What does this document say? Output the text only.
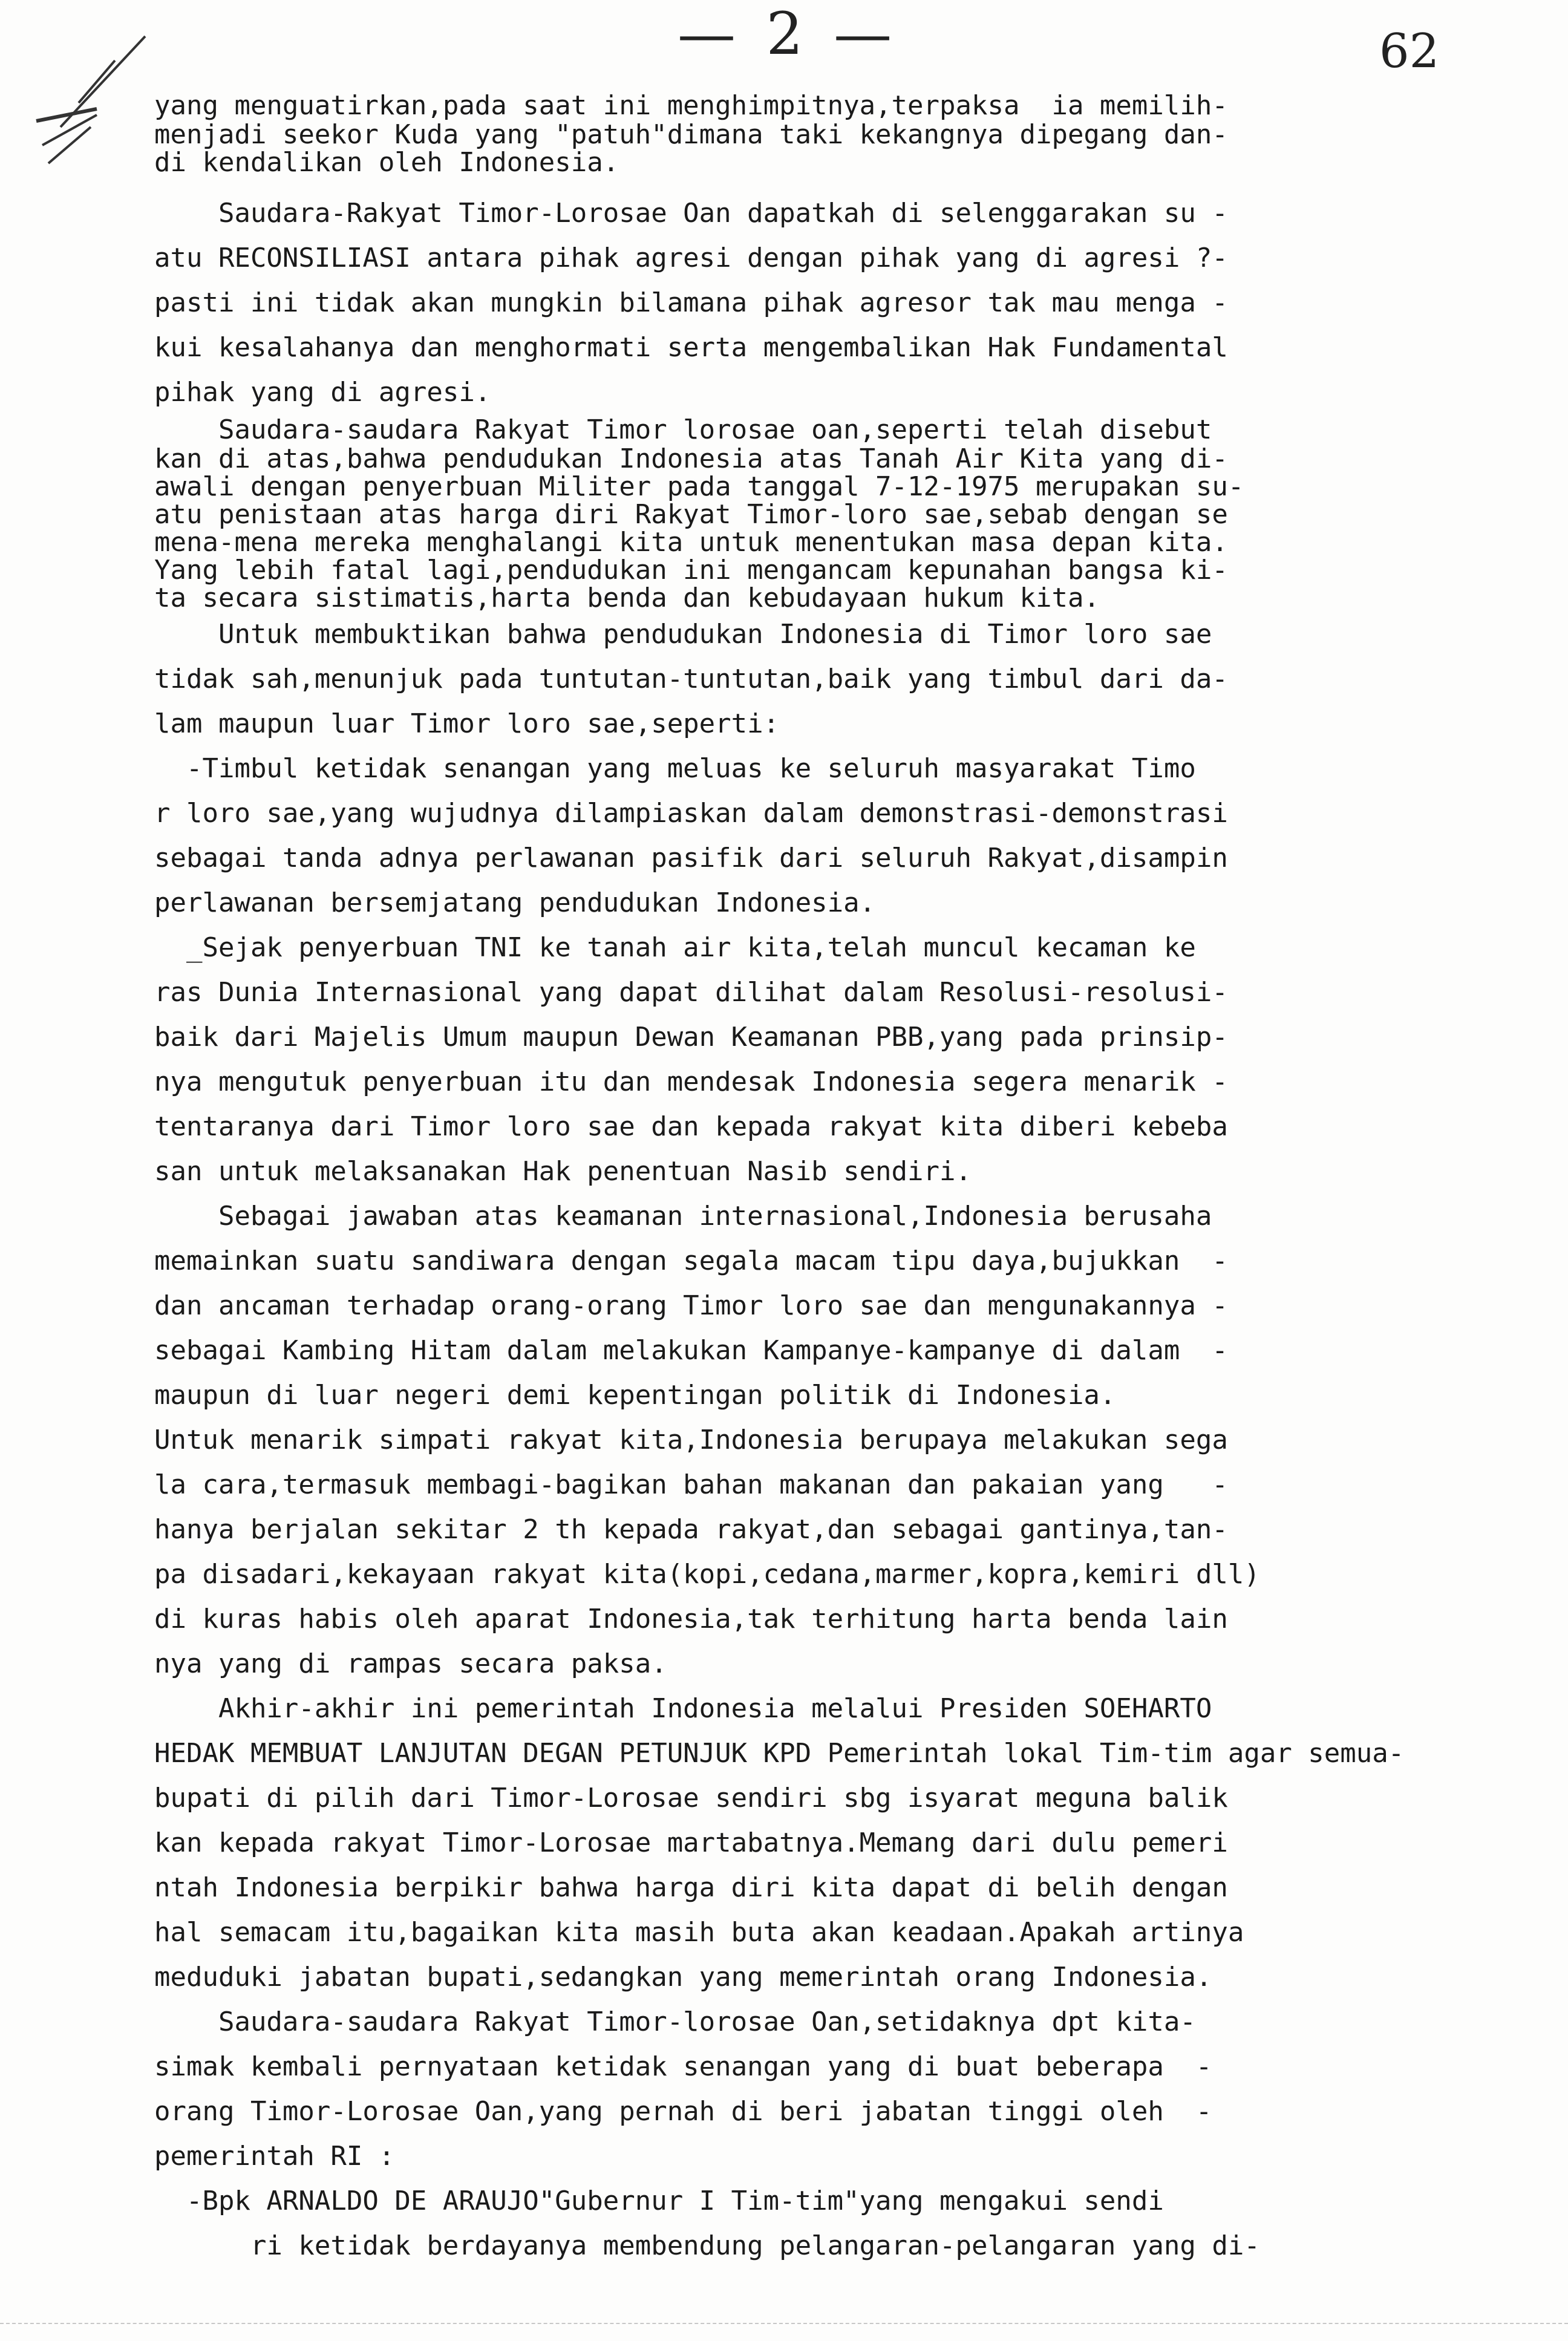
— 2 —	62
yang menguatirkan,pada saat ini menghimpitnya,terpaksa  ia memilih-
menjadi seekor Kuda yang "patuh"dimana taki kekangnya dipegang dan-
di kendalikan oleh Indonesia.
Saudara-Rakyat Timor-Lorosae Oan dapatkah di selenggarakan su -
atu RECONSILIASI antara pihak agresi dengan pihak yang di agresi ?-
pasti ini tidak akan mungkin bilamana pihak agresor tak mau menga -
kui kesalahanya dan menghormati serta mengembalikan Hak Fundamental
pihak yang di agresi.
Saudara-saudara Rakyat Timor lorosae oan,seperti telah disebut
kan di atas,bahwa pendudukan Indonesia atas Tanah Air Kita yang di-
awali dengan penyerbuan Militer pada tanggal 7-12-1975 merupakan su-
atu penistaan atas harga diri Rakyat Timor-loro sae,sebab dengan se
mena-mena mereka menghalangi kita untuk menentukan masa depan kita.
Yang lebih fatal lagi,pendudukan ini mengancam kepunahan bangsa ki-
ta secara sistimatis,harta benda dan kebudayaan hukum kita.
Untuk membuktikan bahwa pendudukan Indonesia di Timor loro sae
tidak sah,menunjuk pada tuntutan-tuntutan,baik yang timbul dari da-
lam maupun luar Timor loro sae,seperti:
-Timbul ketidak senangan yang meluas ke seluruh masyarakat Timo
r loro sae,yang wujudnya dilampiaskan dalam demonstrasi-demonstrasi
sebagai tanda adnya perlawanan pasifik dari seluruh Rakyat,disampin
perlawanan bersemjatang pendudukan Indonesia.
_Sejak penyerbuan TNI ke tanah air kita,telah muncul kecaman ke
ras Dunia Internasional yang dapat dilihat dalam Resolusi-resolusi-
baik dari Majelis Umum maupun Dewan Keamanan PBB,yang pada prinsip-
nya mengutuk penyerbuan itu dan mendesak Indonesia segera menarik -
tentaranya dari Timor loro sae dan kepada rakyat kita diberi kebeba
san untuk melaksanakan Hak penentuan Nasib sendiri.
Sebagai jawaban atas keamanan internasional,Indonesia berusaha
memainkan suatu sandiwara dengan segala macam tipu daya,bujukkan  -
dan ancaman terhadap orang-orang Timor loro sae dan mengunakannya -
sebagai Kambing Hitam dalam melakukan Kampanye-kampanye di dalam  -
maupun di luar negeri demi kepentingan politik di Indonesia.
Untuk menarik simpati rakyat kita,Indonesia berupaya melakukan sega
la cara,termasuk membagi-bagikan bahan makanan dan pakaian yang   -
hanya berjalan sekitar 2 th kepada rakyat,dan sebagai gantinya,tan-
pa disadari,kekayaan rakyat kita(kopi,cedana,marmer,kopra,kemiri dll)
di kuras habis oleh aparat Indonesia,tak terhitung harta benda lain
nya yang di rampas secara paksa.
Akhir-akhir ini pemerintah Indonesia melalui Presiden SOEHARTO
HEDAK MEMBUAT LANJUTAN DEGAN PETUNJUK KPD Pemerintah lokal Tim-tim agar semua-
bupati di pilih dari Timor-Lorosae sendiri sbg isyarat meguna balik
kan kepada rakyat Timor-Lorosae martabatnya.Memang dari dulu pemeri
ntah Indonesia berpikir bahwa harga diri kita dapat di belih dengan
hal semacam itu,bagaikan kita masih buta akan keadaan.Apakah artinya
meduduki jabatan bupati,sedangkan yang memerintah orang Indonesia.
Saudara-saudara Rakyat Timor-lorosae Oan,setidaknya dpt kita-
simak kembali pernyataan ketidak senangan yang di buat beberapa  -
orang Timor-Lorosae Oan,yang pernah di beri jabatan tinggi oleh  -
pemerintah RI :
-Bpk ARNALDO DE ARAUJO"Gubernur I Tim-tim"yang mengakui sendi
ri ketidak berdayanya membendung pelangaran-pelangaran yang di-
